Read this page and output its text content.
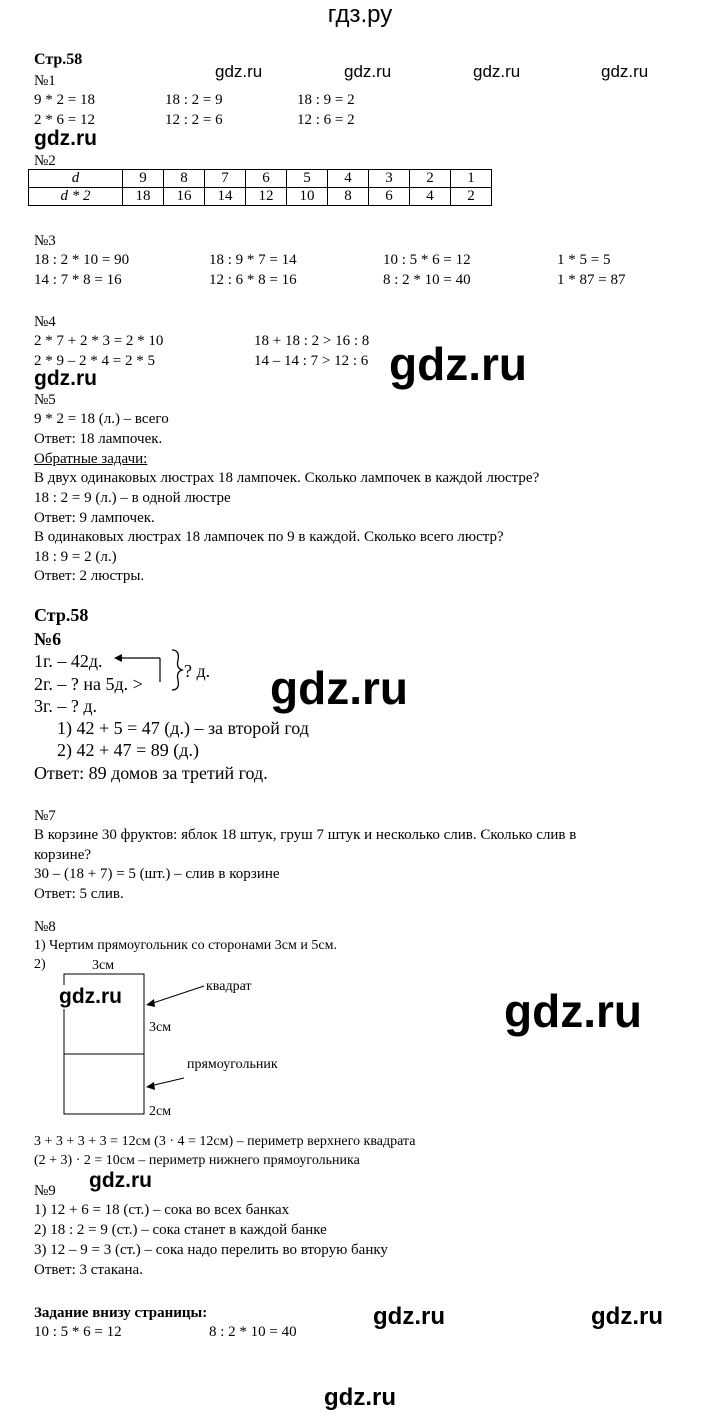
гдз.ру
Стр.58
gdz.ru	gdz.ru	gdz.ru	gdz.ru
№1
9 * 2 = 18	18 : 2 = 9	18 : 9 = 2
2 * 6 = 12	12 : 2 = 6	12 : 6 = 2
gdz.ru
№2
d	9	8	7	6	5	4	3	2	1
d * 2	18	16	14	12	10	8	6	4	2
№3
18 : 2 * 10 = 90	18 : 9 * 7 = 14	10 : 5 * 6 = 12	1 * 5 = 5
14 : 7 * 8 = 16	12 : 6 * 8 = 16	8 : 2 * 10 = 40	1 * 87 = 87
№4
2 * 7 + 2 * 3 = 2 * 10	18 + 18 : 2 > 16 : 8
2 * 9 – 2 * 4 = 2 * 5	14 – 14 : 7 > 12 : 6 gdz.ru
gdz.ru
№5
9 * 2 = 18 (л.) – всего
Ответ: 18 лампочек.
Обратные задачи:
В двух одинаковых люстрах 18 лампочек. Сколько лампочек в каждой люстре?
18 : 2 = 9 (л.) – в одной люстре
Ответ: 9 лампочек.
В одинаковых люстрах 18 лампочек по 9 в каждой. Сколько всего люстр?
18 : 9 = 2 (л.)
Ответ: 2 люстры.
Стр.58
№6
1г. – 42д.
2г. – ? на 5д. >
3г. – ? д.
? д. gdz.ru
1) 42 + 5 = 47 (д.) – за второй год
2) 42 + 47 = 89 (д.)
Ответ: 89 домов за третий год.
№7
В корзине 30 фруктов: яблок 18 штук, груш 7 штук и несколько слив. Сколько слив в
корзине?
30 – (18 + 7) = 5 (шт.) – слив в корзине
Ответ: 5 слив.
№8
1) Чертим прямоугольник со сторонами 3см и 5см.
2)	3см
квадрат
3см
прямоугольник
2см
gdz.ru	gdz.ru
3 + 3 + 3 + 3 = 12см (3 · 4 = 12см) – периметр верхнего квадрата
(2 + 3) · 2 = 10см – периметр нижнего прямоугольника
gdz.ru
№9
1) 12 + 6 = 18 (ст.) – сока во всех банках
2) 18 : 2 = 9 (ст.) – сока станет в каждой банке
3) 12 – 9 = 3 (ст.) – сока надо перелить во вторую банку
Ответ: 3 стакана.
Задание внизу страницы:
10 : 5 * 6 = 12	8 : 2 * 10 = 40
gdz.ru	gdz.ru
gdz.ru
